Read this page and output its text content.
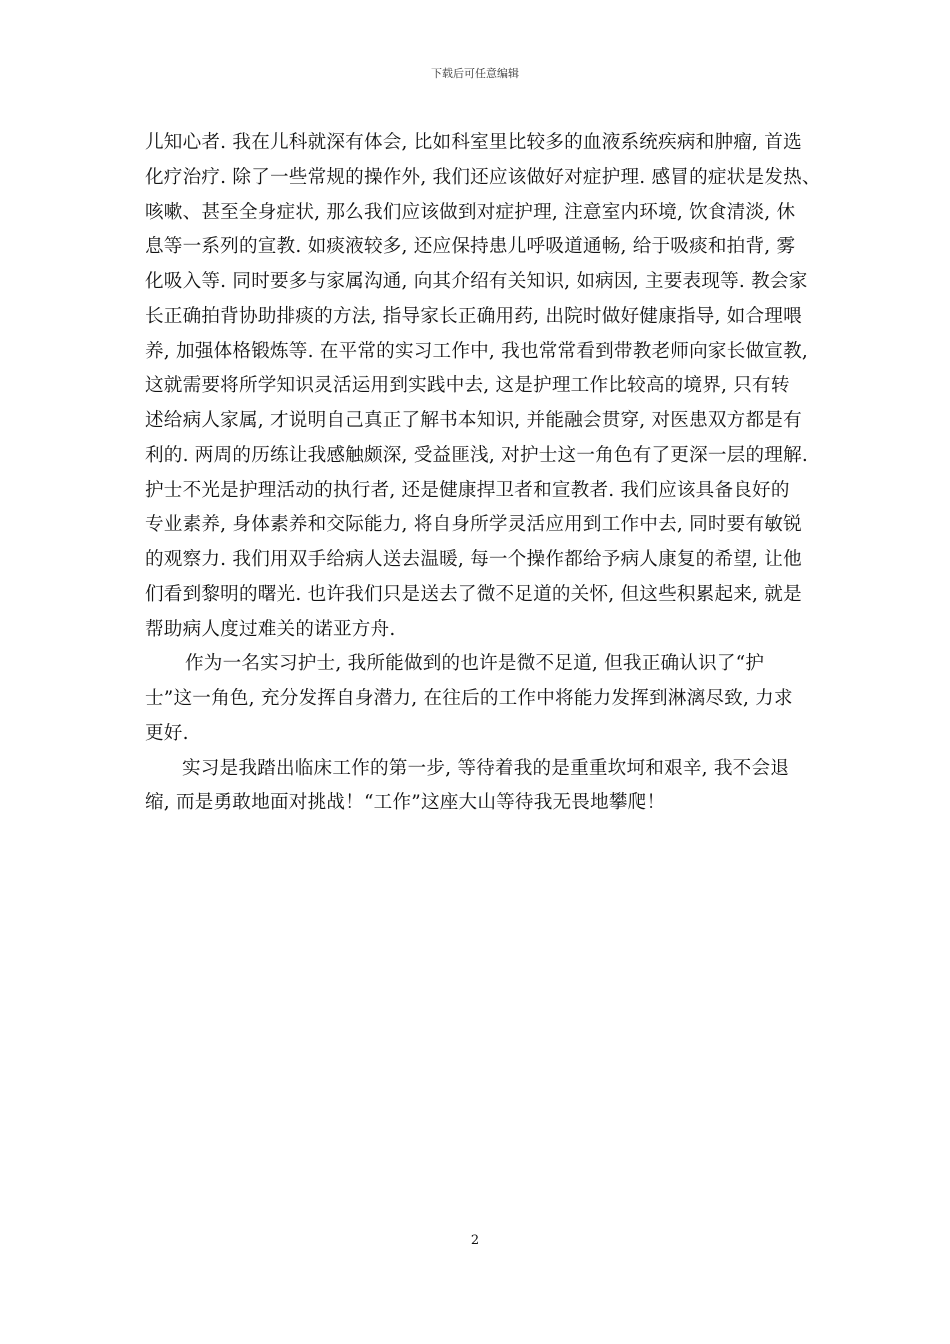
下载后可任意编辑
儿知心者. 我在儿科就深有体会, 比如科室里比较多的血液系统疾病和肿瘤, 首选
化疗治疗. 除了一些常规的操作外, 我们还应该做好对症护理. 感冒的症状是发热、
咳嗽、甚至全身症状, 那么我们应该做到对症护理, 注意室内环境, 饮食清淡, 休
息等一系列的宣教. 如痰液较多, 还应保持患儿呼吸道通畅, 给于吸痰和拍背, 雾
化吸入等. 同时要多与家属沟通, 向其介绍有关知识, 如病因, 主要表现等. 教会家
长正确拍背协助排痰的方法, 指导家长正确用药, 出院时做好健康指导, 如合理喂
养, 加强体格锻炼等. 在平常的实习工作中, 我也常常看到带教老师向家长做宣教,
这就需要将所学知识灵活运用到实践中去, 这是护理工作比较高的境界, 只有转
述给病人家属, 才说明自己真正了解书本知识, 并能融会贯穿, 对医患双方都是有
利的. 两周的历练让我感触颇深, 受益匪浅, 对护士这一角色有了更深一层的理解.
护士不光是护理活动的执行者, 还是健康捍卫者和宣教者. 我们应该具备良好的
专业素养, 身体素养和交际能力, 将自身所学灵活应用到工作中去, 同时要有敏锐
的观察力. 我们用双手给病人送去温暖, 每一个操作都给予病人康复的希望, 让他
们看到黎明的曙光. 也许我们只是送去了微不足道的关怀, 但这些积累起来, 就是
帮助病人度过难关的诺亚方舟.
作为一名实习护士, 我所能做到的也许是微不足道, 但我正确认识了“护
士”这一角色, 充分发挥自身潜力, 在往后的工作中将能力发挥到淋漓尽致, 力求
更好.
实习是我踏出临床工作的第一步, 等待着我的是重重坎坷和艰辛, 我不会退
缩, 而是勇敢地面对挑战！“工作”这座大山等待我无畏地攀爬！
2
